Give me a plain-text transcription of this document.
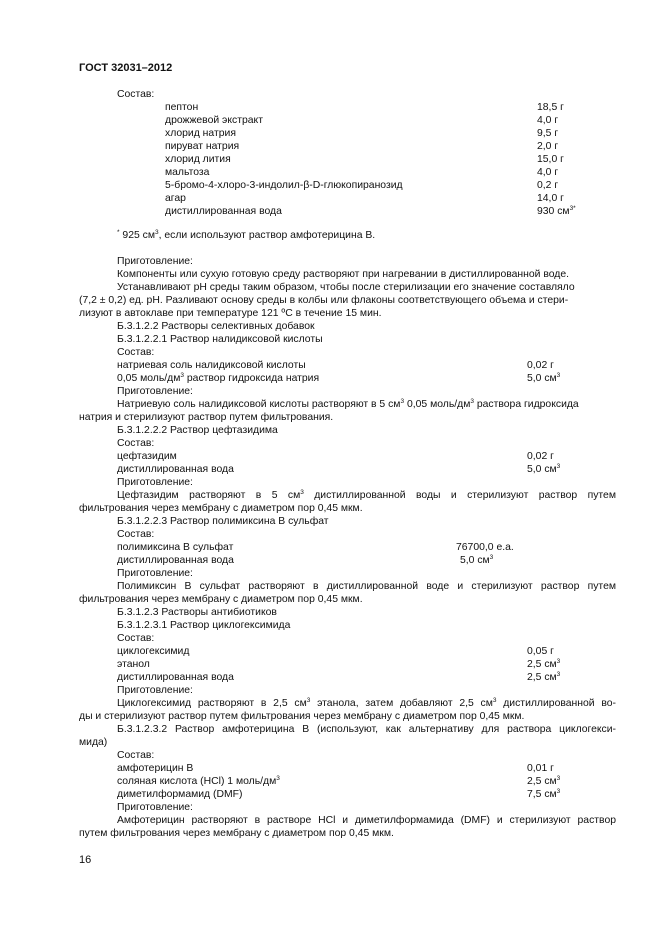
ГОСТ 32031–2012
Состав:
пептон	18,5 г
дрожжевой экстракт	4,0 г
хлорид натрия	9,5 г
пируват натрия	2,0 г
хлорид лития	15,0 г
мальтоза	4,0 г
5-бромо-4-хлоро-3-индолил-β-D-глюкопиранозид	0,2 г
агар	14,0 г
дистиллированная вода	930 $см^{3*}$
* 925 $см^3$, если используют раствор амфотерицина В.
Приготовление:
Компоненты или сухую готовую среду растворяют при нагревании в дистиллированной воде.
Устанавливают pH среды таким образом, чтобы после стерилизации его значение составляло
(7,2 ± 0,2) ед. pH. Разливают основу среды в колбы или флаконы соответствующего объема и стери-
лизуют в автоклаве при температуре 121 ºС в течение 15 мин.
Б.3.1.2.2 Растворы селективных добавок
Б.3.1.2.2.1 Раствор налидиксовой кислоты
Состав:
натриевая соль налидиксовой кислоты	0,02 г
0,05 моль/$дм^3$ раствор гидроксида натрия	5,0 $см^3$
Приготовление:
Натриевую соль налидиксовой кислоты растворяют в 5 $см^3$ 0,05 моль/$дм^3$ раствора гидроксида
натрия и стерилизуют раствор путем фильтрования.
Б.3.1.2.2.2 Раствор цефтазидима
Состав:
цефтазидим	0,02 г
дистиллированная вода	5,0 $см^3$
Приготовление:
Цефтазидим растворяют в 5 $см^3$ дистиллированной воды и стерилизуют раствор путем
фильтрования через мембрану с диаметром пор 0,45 мкм.
Б.3.1.2.2.3 Раствор полимиксина В сульфат
Состав:
полимиксина В сульфат	76700,0 е.а.
дистиллированная вода	5,0 $см^3$
Приготовление:
Полимиксин В сульфат растворяют в дистиллированной воде и стерилизуют раствор путем
фильтрования через мембрану с диаметром пор 0,45 мкм.
Б.3.1.2.3 Растворы антибиотиков
Б.3.1.2.3.1 Раствор циклогексимида
Состав:
циклогексимид	0,05 г
этанол	2,5 $см^3$
дистиллированная вода	2,5 $см^3$
Приготовление:
Циклогексимид растворяют в 2,5 $см^3$ этанола, затем добавляют 2,5 $см^3$ дистиллированной во-
ды и стерилизуют раствор путем фильтрования через мембрану с диаметром пор 0,45 мкм.
Б.3.1.2.3.2 Раствор амфотерицина В (используют, как альтернативу для раствора циклогекси-
мида)
Состав:
амфотерицин В	0,01 г
соляная кислота (HCl) 1 моль/$дм^3$	2,5 $см^3$
диметилформамид (DMF)	7,5 $см^3$
Приготовление:
Амфотерицин растворяют в растворе HCl и диметилформамида (DMF) и стерилизуют раствор
путем фильтрования через мембрану с диаметром пор 0,45 мкм.
16
